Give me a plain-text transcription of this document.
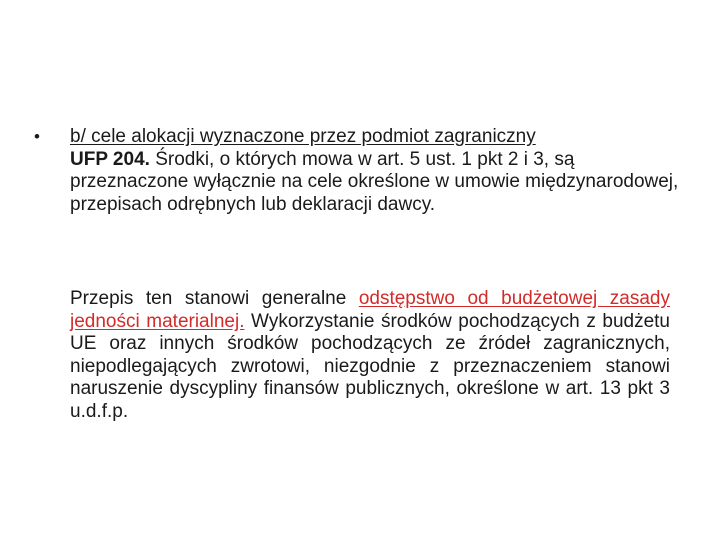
•	b/ cele alokacji wyznaczone przez podmiot zagraniczny
UFP 204. Środki, o których mowa w art. 5 ust. 1 pkt 2 i 3, są przeznaczone wyłącznie na cele określone w umowie międzynarodowej, przepisach odrębnych lub deklaracji dawcy.
Przepis ten stanowi generalne odstępstwo od budżetowej zasady jedności materialnej. Wykorzystanie środków pochodzących z budżetu UE oraz innych środków pochodzących ze źródeł zagranicznych, niepodlegających zwrotowi, niezgodnie z przeznaczeniem stanowi naruszenie dyscypliny finansów publicznych, określone w art. 13 pkt 3 u.d.f.p.
